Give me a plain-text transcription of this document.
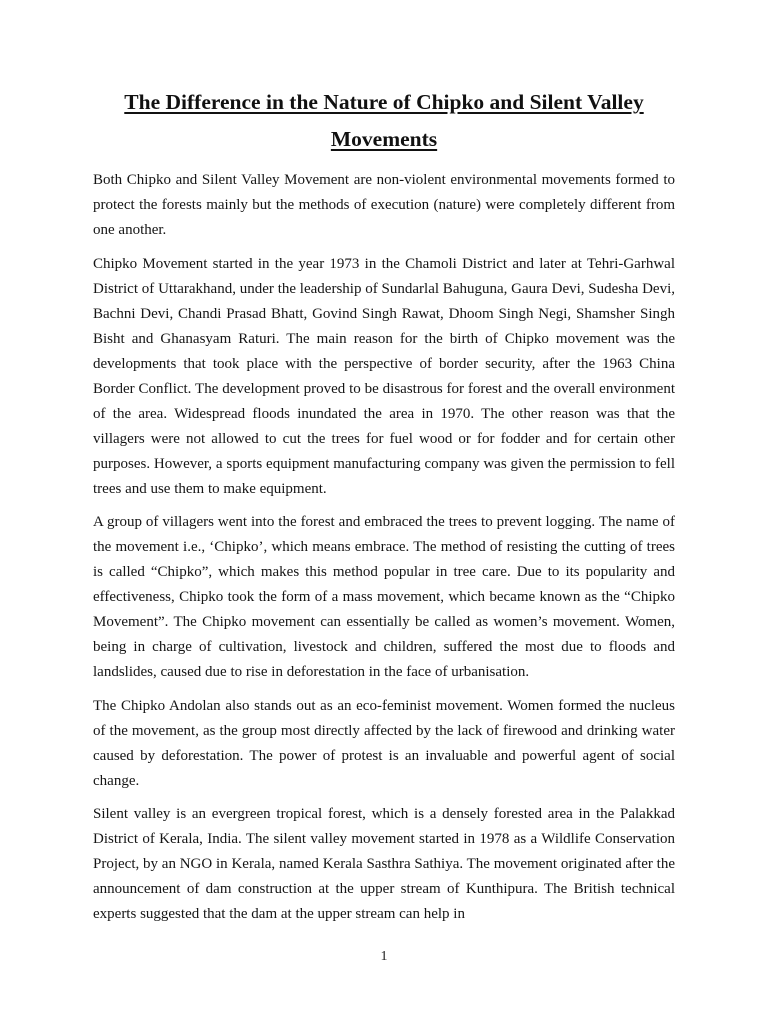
The Difference in the Nature of Chipko and Silent Valley Movements

Both Chipko and Silent Valley Movement are non-violent environmental movements formed to protect the forests mainly but the methods of execution (nature) were completely different from one another.

Chipko Movement started in the year 1973 in the Chamoli District and later at Tehri-Garhwal District of Uttarakhand, under the leadership of Sundarlal Bahuguna, Gaura Devi, Sudesha Devi, Bachni Devi, Chandi Prasad Bhatt, Govind Singh Rawat, Dhoom Singh Negi, Shamsher Singh Bisht and Ghanasyam Raturi. The main reason for the birth of Chipko movement was the developments that took place with the perspective of border security, after the 1963 China Border Conflict. The development proved to be disastrous for forest and the overall environment of the area. Widespread floods inundated the area in 1970. The other reason was that the villagers were not allowed to cut the trees for fuel wood or for fodder and for certain other purposes. However, a sports equipment manufacturing company was given the permission to fell trees and use them to make equipment.

A group of villagers went into the forest and embraced the trees to prevent logging. The name of the movement i.e., ‘Chipko’, which means embrace. The method of resisting the cutting of trees is called “Chipko”, which makes this method popular in tree care. Due to its popularity and effectiveness, Chipko took the form of a mass movement, which became known as the “Chipko Movement”. The Chipko movement can essentially be called as women’s movement. Women, being in charge of cultivation, livestock and children, suffered the most due to floods and landslides, caused due to rise in deforestation in the face of urbanisation.

The Chipko Andolan also stands out as an eco-feminist movement. Women formed the nucleus of the movement, as the group most directly affected by the lack of firewood and drinking water caused by deforestation. The power of protest is an invaluable and powerful agent of social change.

Silent valley is an evergreen tropical forest, which is a densely forested area in the Palakkad District of Kerala, India. The silent valley movement started in 1978 as a Wildlife Conservation Project, by an NGO in Kerala, named Kerala Sasthra Sathiya. The movement originated after the announcement of dam construction at the upper stream of Kunthipura. The British technical experts suggested that the dam at the upper stream can help in

1
